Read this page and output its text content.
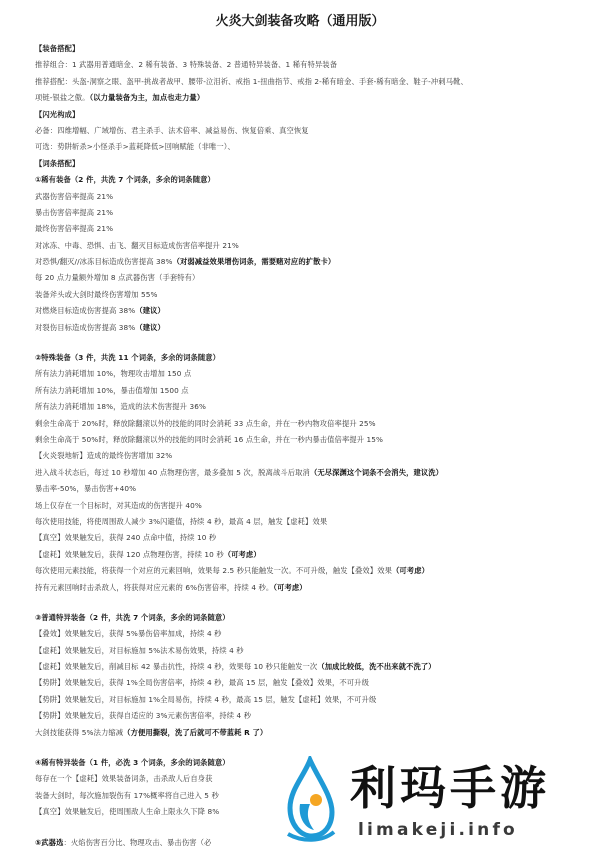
火炎大剑装备攻略（通用版）
【装备搭配】
推荐组合：1 武器用普通暗金、2 稀有装备、3 特殊装备、2 普通特异装备、1 稀有特异装备
推荐搭配：头盔-洞察之眼、盔甲-挑战者战甲、腰带-泣泪祈、戒指 1-扭曲指节、戒指 2-稀有暗金、手套-稀有暗金、鞋子-冲刺马靴、
项链-银盐之傲。（以力量装备为主，加点也走力量）
【闪光构成】
必备：四维增幅、广域增伤、君主杀手、法术倍率、减益易伤、恢复倍乘、真空恢复
可选：势阱斩杀>小怪杀手>蓝耗降低>回响赋能（非唯一）、
【词条搭配】
①稀有装备（2 件，共洗 7 个词条，多余的词条随意）
武器伤害倍率提高 21%
暴击伤害倍率提高 21%
最终伤害倍率提高 21%
对冰冻、中毒、恐惧、击飞、翻灭目标造成伤害倍率提升 21%
对恐惧/翻灭//冰冻目标造成伤害提高 38%（对弱减益效果增伤词条，需要赌对应的扩散卡）
每 20 点力量额外增加 8 点武器伤害（手套特有）
装备斧头或大剑时最终伤害增加 55%
对燃烧目标造成伤害提高 38%（建议）
对裂伤目标造成伤害提高 38%（建议）
②特殊装备（3 件，共洗 11 个词条，多余的词条随意）
所有法力消耗增加 10%，物理攻击增加 150 点
所有法力消耗增加 10%，暴击值增加 1500 点
所有法力消耗增加 18%，造成的法术伤害提升 36%
剩余生命高于 20%时，释放除翻滚以外的技能的同时会消耗 33 点生命，并在一秒内物攻倍率提升 25%
剩余生命高于 50%时，释放除翻滚以外的技能的同时会消耗 16 点生命，并在一秒内暴击值倍率提升 15%
【火炎裂地斩】造成的最终伤害增加 32%
进入战斗状态后，每过 10 秒增加 40 点物理伤害，最多叠加 5 次，脱离战斗后取消（无尽深渊这个词条不会消失，建议洗）
暴击率-50%，暴击伤害+40%
场上仅存在一个目标时，对其造成的伤害提升 40%
每次使用技能，将使周围敌人减少 3%闪避值，持续 4 秒，最高 4 层，触发【虚耗】效果
【真空】效果触发后，获得 240 点命中值，持续 10 秒
【虚耗】效果触发后，获得 120 点物理伤害，持续 10 秒（可考虑）
每次使用元素技能，将获得一个对应的元素回响，效果每 2.5 秒只能触发一次。不可升级，触发【叠效】效果（可考虑）
持有元素回响时击杀敌人，将获得对应元素的 6%伤害倍率，持续 4 秒。（可考虑）
③普通特异装备（2 件，共洗 7 个词条，多余的词条随意）
【叠效】效果触发后，获得 5%暴伤倍率加成，持续 4 秒
【虚耗】效果触发后，对目标施加 5%法术易伤效果，持续 4 秒
【虚耗】效果触发后，削减目标 42 暴击抗性，持续 4 秒，效果每 10 秒只能触发一次（加成比较低，洗不出来就不洗了）
【势阱】效果触发后，获得 1%全局伤害倍率，持续 4 秒，最高 15 层，触发【叠效】效果，不可升级
【势阱】效果触发后，对目标施加 1%全局易伤，持续 4 秒，最高 15 层，触发【虚耗】效果，不可升级
【势阱】效果触发后，获得自适应的 3%元素伤害倍率，持续 4 秒
大剑技能获得 5%法力缩减（方便用撕裂，洗了后就可不带蓝耗 R 了）
④稀有特异装备（1 件，必洗 3 个词条，多余的词条随意）
每存在一个【虚耗】效果装备词条，击杀敌人后自身获
装备大剑时，每次施加裂伤有 17%概率将自己进入 5 秒
【真空】效果触发后，使周围敌人生命上限永久下降 8%
⑤武器选：火焰伤害百分比、物理攻击、暴击伤害（必
利玛手游
limakeji.info
